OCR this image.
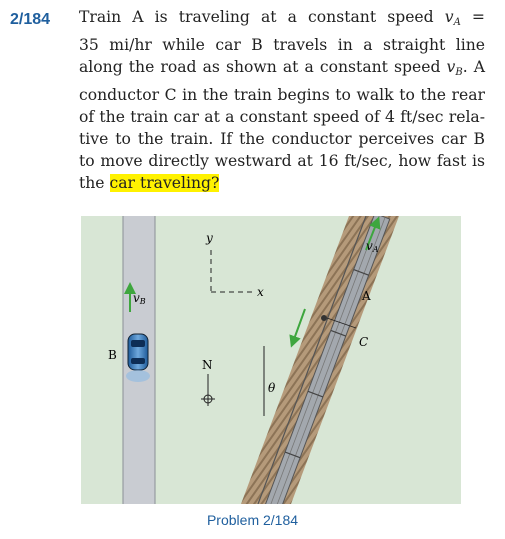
2/184 Train A is traveling at a constant speed $v_A$ =
35 mi/hr while car B travels in a straight line
along the road as shown at a constant speed $v_B$. A
conductor C in the train begins to walk to the rear
of the train car at a constant speed of 4 ft/sec rela-
tive to the train. If the conductor perceives car B
to move directly westward at 16 ft/sec, how fast is
the car traveling?
y
x
vB
vA
A
B
C
N
θ
Problem 2/184
